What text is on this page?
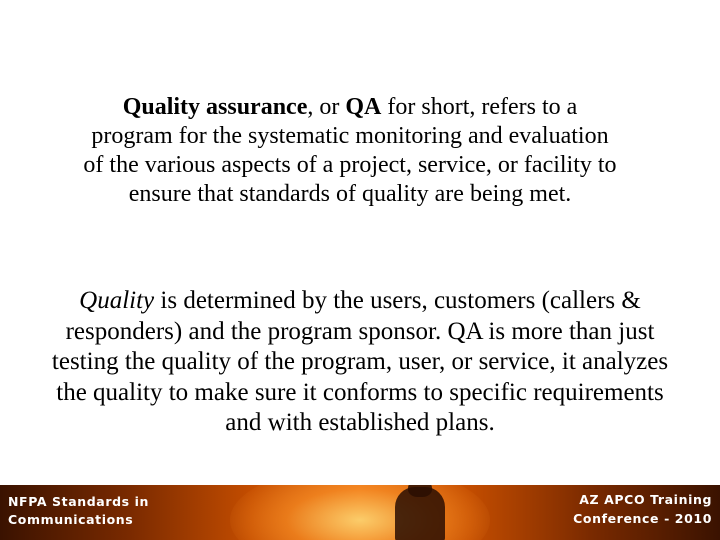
Quality assurance, or QA for short, refers to a program for the systematic monitoring and evaluation of the various aspects of a project, service, or facility to ensure that standards of quality are being met.

Quality is determined by the users, customers (callers & responders) and the program sponsor. QA is more than just testing the quality of the program, user, or service, it analyzes the quality to make sure it conforms to specific requirements and with established plans.

NFPA Standards in
Communications
AZ APCO Training
Conference - 2010
